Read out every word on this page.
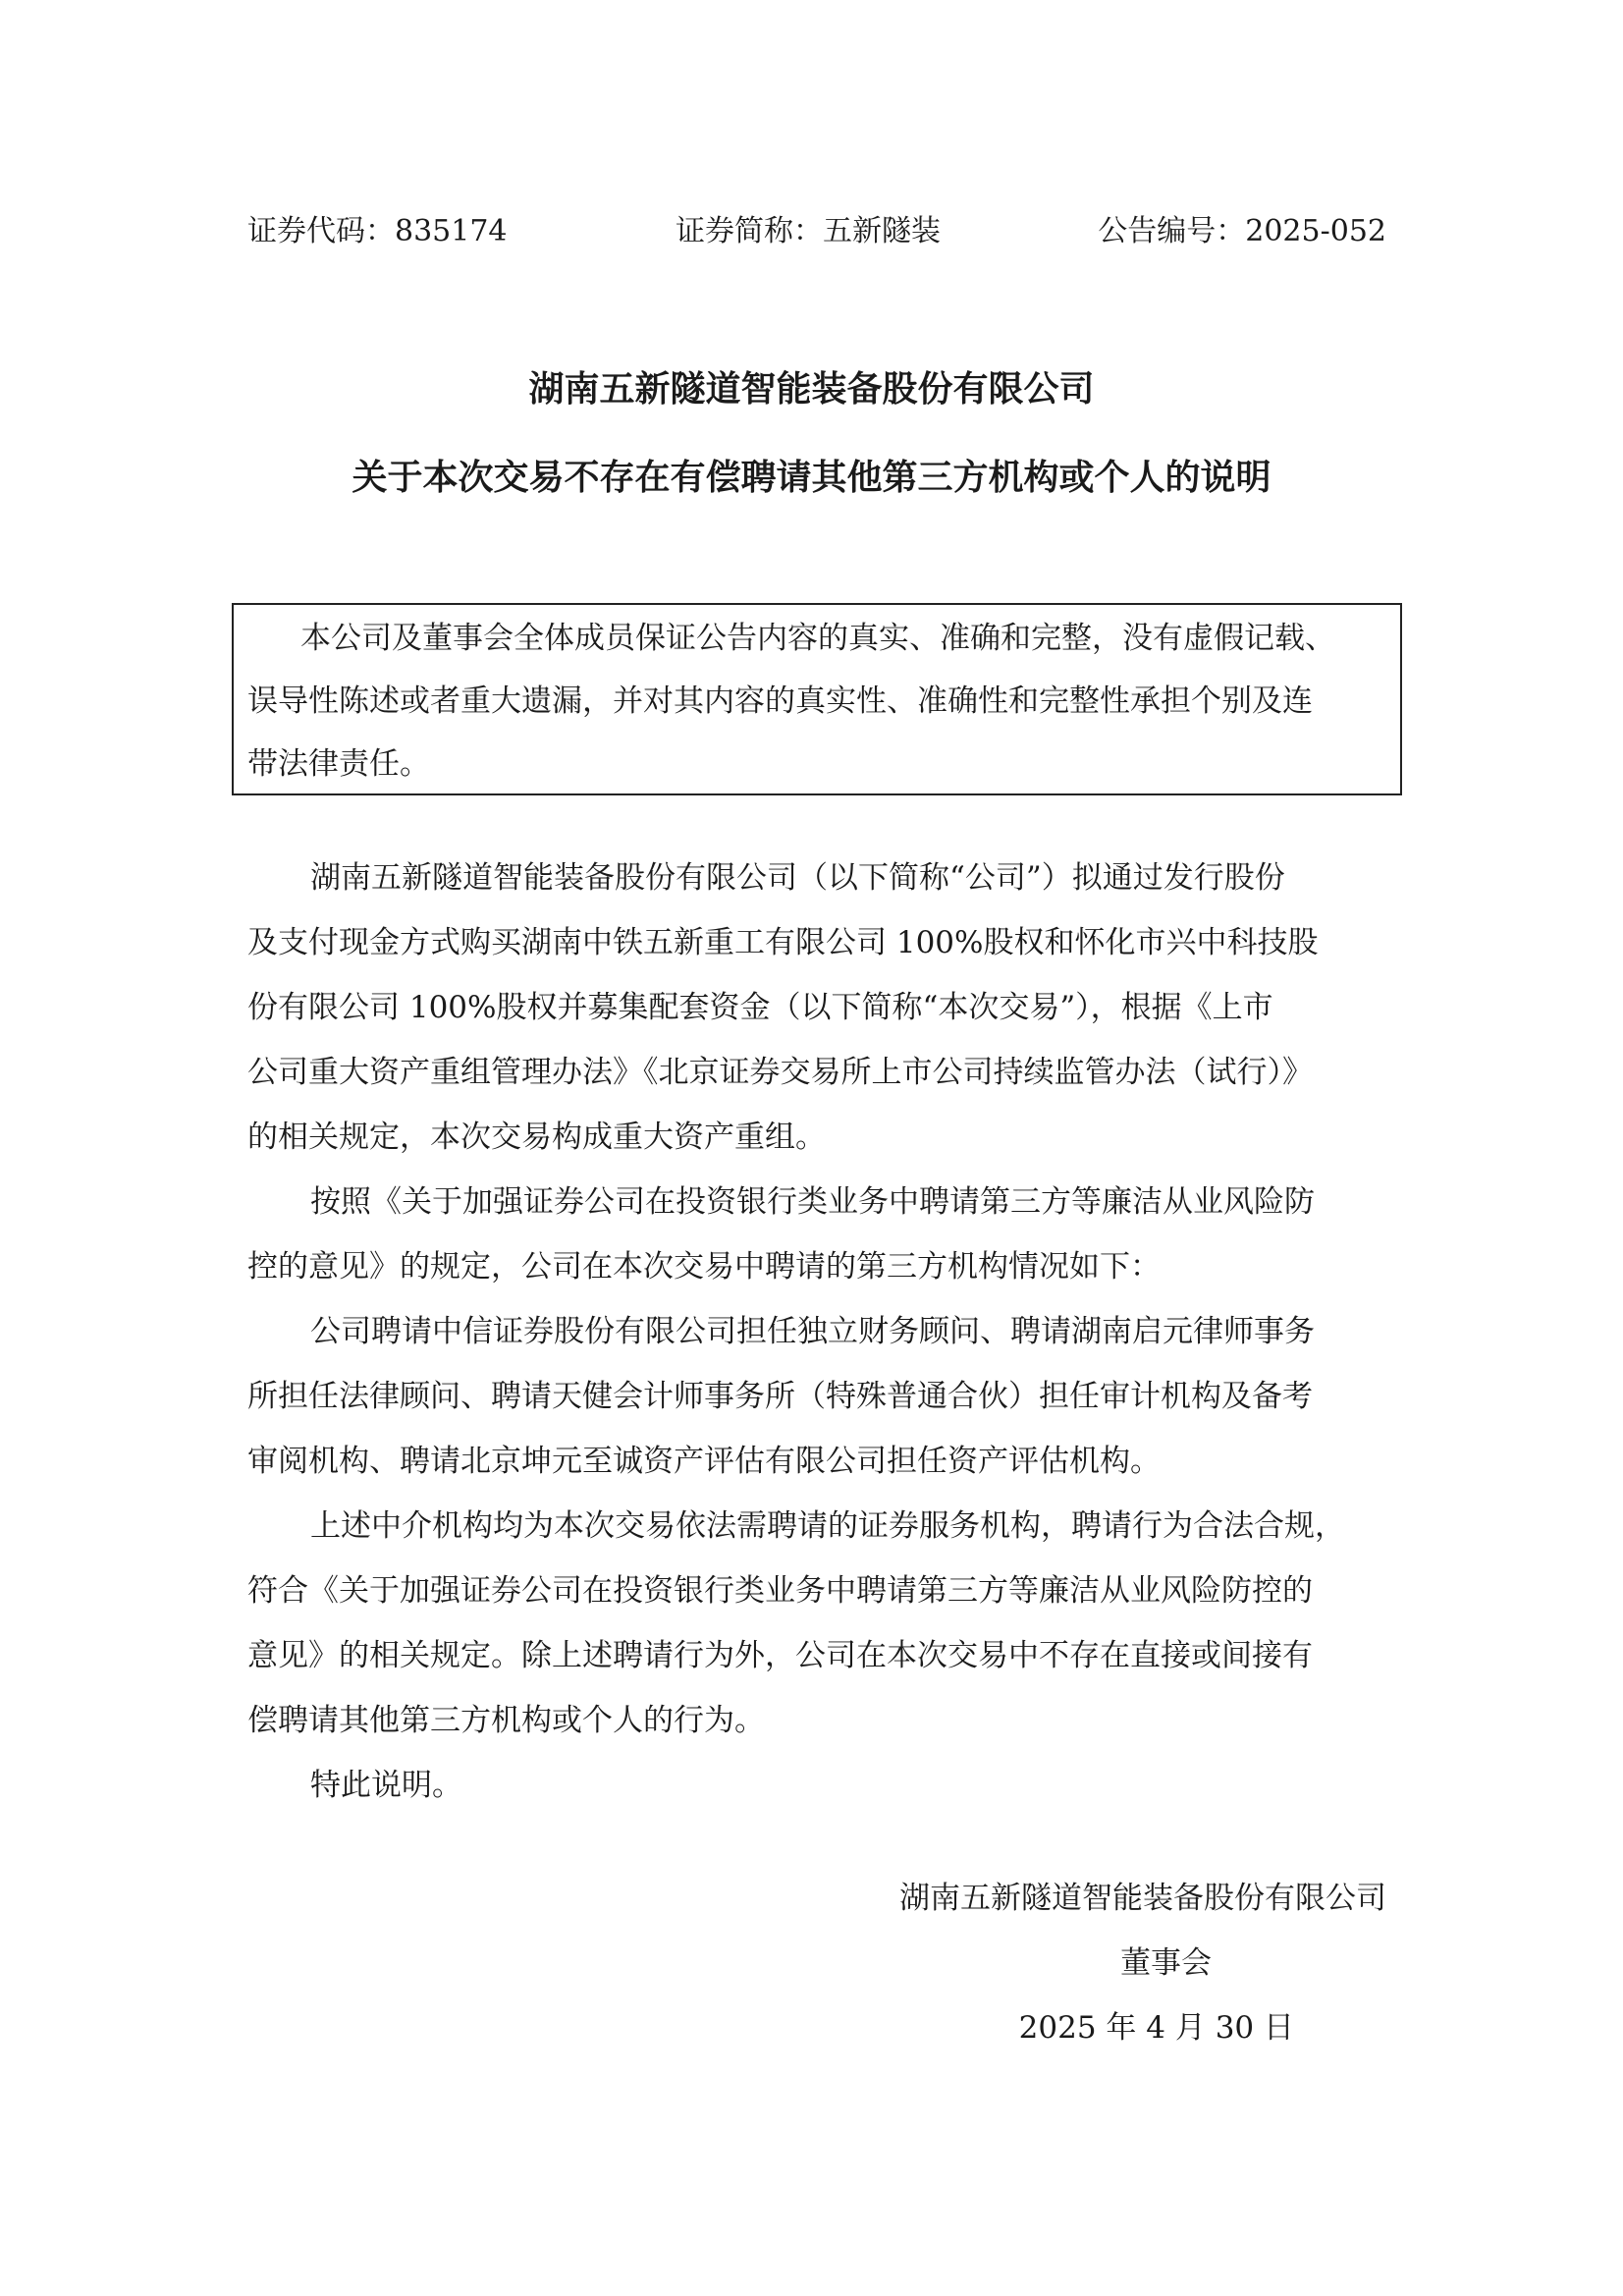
证券代码：835174	证券简称：五新隧装	公告编号：2025-052
湖南五新隧道智能装备股份有限公司
关于本次交易不存在有偿聘请其他第三方机构或个人的说明
本公司及董事会全体成员保证公告内容的真实、准确和完整，没有虚假记载、
误导性陈述或者重大遗漏，并对其内容的真实性、准确性和完整性承担个别及连
带法律责任。
湖南五新隧道智能装备股份有限公司（以下简称“公司”）拟通过发行股份
及支付现金方式购买湖南中铁五新重工有限公司 100%股权和怀化市兴中科技股
份有限公司 100%股权并募集配套资金（以下简称“本次交易”），根据《上市
公司重大资产重组管理办法》《北京证券交易所上市公司持续监管办法（试行）》
的相关规定，本次交易构成重大资产重组。
按照《关于加强证券公司在投资银行类业务中聘请第三方等廉洁从业风险防
控的意见》的规定，公司在本次交易中聘请的第三方机构情况如下：
公司聘请中信证券股份有限公司担任独立财务顾问、聘请湖南启元律师事务
所担任法律顾问、聘请天健会计师事务所（特殊普通合伙）担任审计机构及备考
审阅机构、聘请北京坤元至诚资产评估有限公司担任资产评估机构。
上述中介机构均为本次交易依法需聘请的证券服务机构，聘请行为合法合规，
符合《关于加强证券公司在投资银行类业务中聘请第三方等廉洁从业风险防控的
意见》的相关规定。除上述聘请行为外，公司在本次交易中不存在直接或间接有
偿聘请其他第三方机构或个人的行为。
特此说明。
湖南五新隧道智能装备股份有限公司
董事会
2025 年 4 月 30 日
